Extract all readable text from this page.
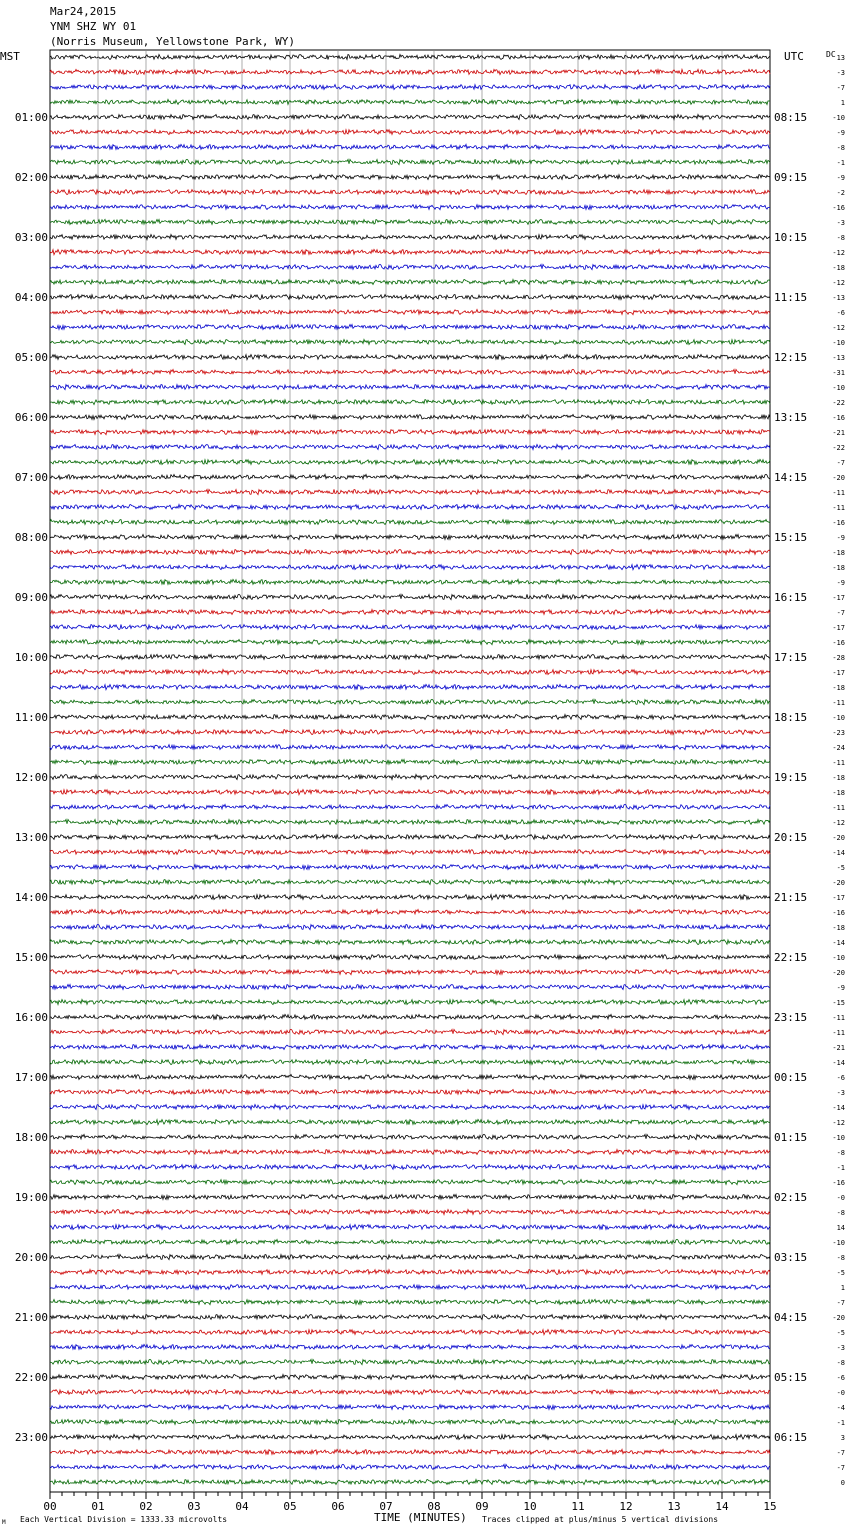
Mar24,2015
YNM SHZ WY 01
(Norris Museum, Yellowstone Park, WY)
MST	UTC	DC
01:00
02:00
03:00
04:00
05:00
06:00
07:00
08:00
09:00
10:00
11:00
12:00
13:00
14:00
15:00
16:00
17:00
18:00
19:00
20:00
21:00
22:00
23:00
08:15
09:15
10:15
11:15
12:15
13:15
14:15
15:15
16:15
17:15
18:15
19:15
20:15
21:15
22:15
23:15
00:15
01:15
02:15
03:15
04:15
05:15
06:15
13
-3
-7
1
-10
-9
-8
-1
-9
-2
-16
-3
-8
-12
-18
-12
-13
-6
-12
-10
-13
-31
-10
-22
-16
-21
-22
-7
-20
-11
-11
-16
-9
-18
-18
-9
-17
-7
-17
-16
-28
-17
-18
-11
-10
-23
-24
-11
-18
-18
-11
-12
-20
-14
-5
-20
-17
-16
-18
-14
-10
-20
-9
-15
-11
-11
-21
-14
-6
-3
-14
-12
-10
-8
-1
-16
-0
-8
14
-10
-8
-5
1
-7
-20
-5
-3
-8
-6
-0
-4
-1
3
-7
-7
0
00	01	02	03	04	05	06	07	08	09	10	11	12	13	14	15
TIME (MINUTES)
M Each Vertical Division = 1333.33 microvolts	Traces clipped at plus/minus 5 vertical divisions
